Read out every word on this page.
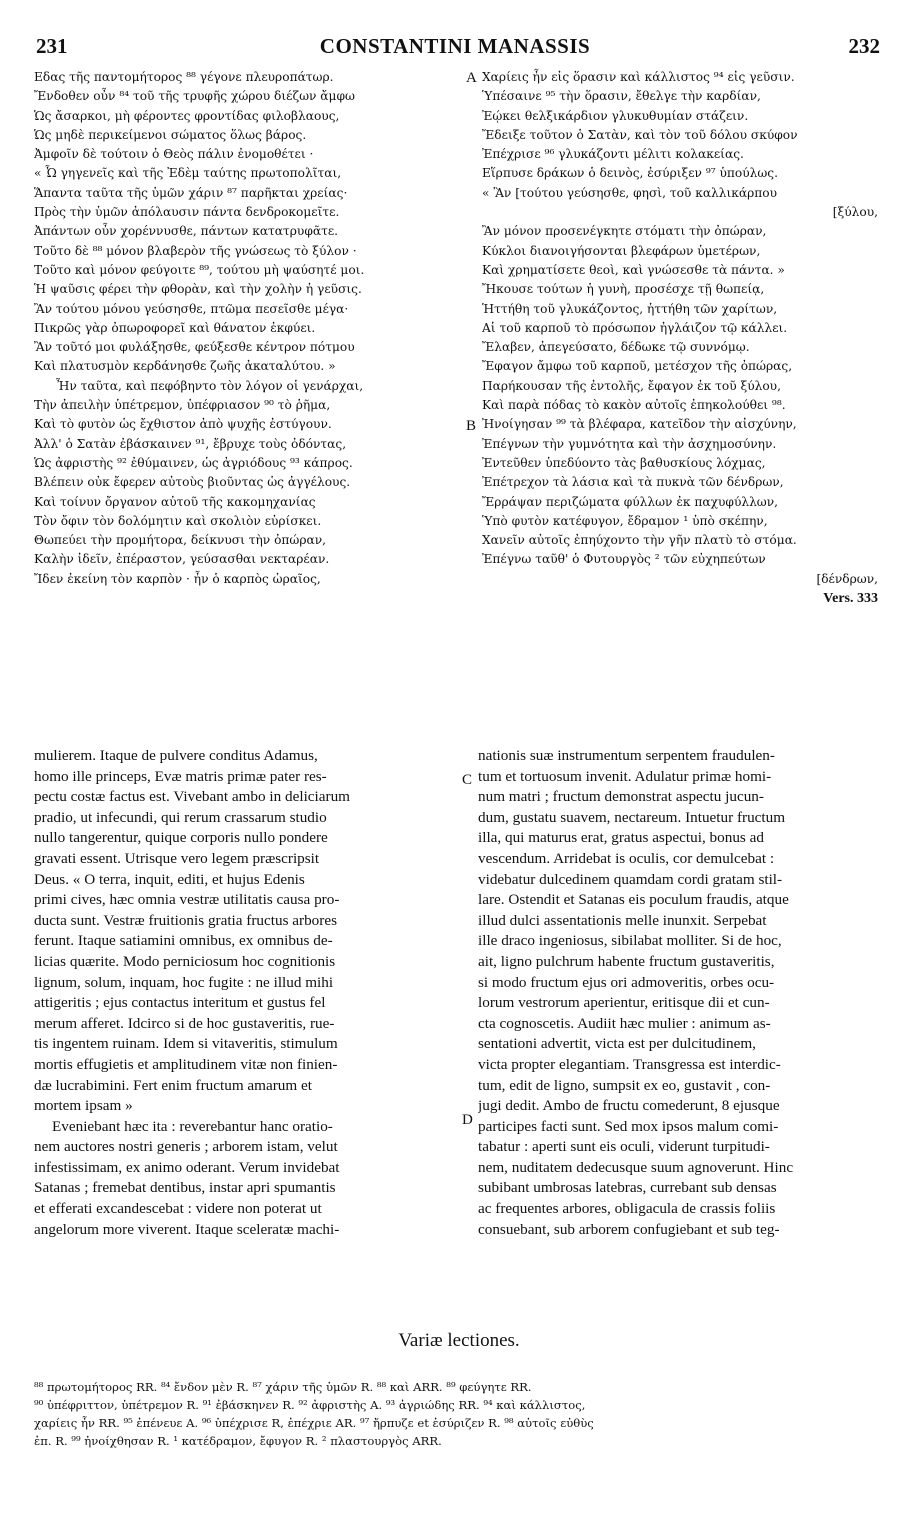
231	CONSTANTINI MANASSIS	232
Εδας τῆς παντομήτορος ⁸⁸ γέγονε πλευροπάτωρ.
Ἔνδοθεν οὖν ⁸⁴ τοῦ τῆς τρυφῆς χώρου διέζων ἄμφω
Ὡς ἄσαρκοι, μὴ φέροντες φροντίδας φιλοβλαους,
Ὡς μηδὲ περικείμενοι σώματος ὅλως βάρος.
Ἀμφοῖν δὲ τούτοιν ὁ Θεὸς πάλιν ἐνομοθέτει ·
« Ὦ γηγενεῖς καὶ τῆς Ἐδὲμ ταύτης πρωτοπολῖται,
Ἅπαντα ταῦτα τῆς ὑμῶν χάριν ⁸⁷ παρῆκται χρείας·
Πρὸς τὴν ὑμῶν ἀπόλαυσιν πάντα δενδροκομεῖτε.
Ἀπάντων οὖν χορέννυσθε, πάντων κατατρυφᾶτε.
Τοῦτο δὲ ⁸⁸ μόνον βλαβερὸν τῆς γνώσεως τὸ ξύλον ·
Τοῦτο καὶ μόνον φεύγοιτε ⁸⁹, τούτου μὴ ψαύσητέ μοι.
Ἡ ψαῦσις φέρει τὴν φθορὰν, καὶ τὴν χολὴν ἡ γεῦσις.
Ἂν τούτου μόνου γεύσησθε, πτῶμα πεσεῖσθε μέγα·
Πικρῶς γὰρ ὀπωροφορεῖ καὶ θάνατον ἐκφύει.
Ἂν τοῦτό μοι φυλάξησθε, φεύξεσθε κέντρον πότμου
Καὶ πλατυσμὸν κερδάνησθε ζωῆς ἀκαταλύτου. »
Ἦν ταῦτα, καὶ πεφόβηντο τὸν λόγον οἱ γενάρχαι,
Τὴν ἀπειλὴν ὑπέτρεμον, ὑπέφριασον ⁹⁰ τὸ ῥῆμα,
Καὶ τὸ φυτὸν ὡς ἔχθιστον ἀπὸ ψυχῆς ἐστύγουν.
Ἀλλ' ὁ Σατὰν ἐβάσκαινεν ⁹¹, ἔβρυχε τοὺς ὀδόντας,
Ὡς ἀφριστὴς ⁹² ἐθύμαινεν, ὡς ἀγριόδους ⁹³ κάπρος.
Βλέπειν οὐκ ἔφερεν αὐτοὺς βιοῦντας ὡς ἀγγέλους.
Καὶ τοίνυν ὄργανον αὐτοῦ τῆς κακομηχανίας
Τὸν ὄφιν τὸν δολόμητιν καὶ σκολιὸν εὑρίσκει.
Θωπεύει τὴν προμήτορα, δείκνυσι τὴν ὀπώραν,
Καλὴν ἰδεῖν, ἐπέραστον, γεύσασθαι νεκταρέαν.
Ἴδεν ἐκείνη τὸν καρπὸν · ἦν ὁ καρπὸς ὡραῖος,
Χαρίεις ἦν εἰς ὅρασιν καὶ κάλλιστος ⁹⁴ εἰς γεῦσιν.
Ὑπέσαινε ⁹⁵ τὴν ὅρασιν, ἔθελγε τὴν καρδίαν,
Ἐῴκει θελξικάρδιον γλυκυθυμίαν στάζειν.
Ἔδειξε τοῦτον ὁ Σατὰν, καὶ τὸν τοῦ δόλου σκύφον
Ἐπέχρισε ⁹⁶ γλυκάζοντι μέλιτι κολακείας.
Εἵρπυσε δράκων ὁ δεινὸς, ἐσύριξεν ⁹⁷ ὑπούλως.
« Ἂν [τούτου γεύσησθε, φησὶ, τοῦ καλλικάρπου
[ξύλου,
Ἂν μόνον προσενέγκητε στόματι τὴν ὀπώραν,
Κύκλοι διανοιγήσονται βλεφάρων ὑμετέρων,
Καὶ χρηματίσετε θεοὶ, καὶ γνώσεσθε τὰ πάντα. »
Ἤκουσε τούτων ἡ γυνὴ, προσέσχε τῇ θωπείᾳ,
Ἡττήθη τοῦ γλυκάζοντος, ἡττήθη τῶν χαρίτων,
Αἱ τοῦ καρποῦ τὸ πρόσωπον ἠγλάιζον τῷ κάλλει.
Ἔλαβεν, ἀπεγεύσατο, δέδωκε τῷ συννόμῳ.
Ἔφαγον ἄμφω τοῦ καρποῦ, μετέσχον τῆς ὀπώρας,
Παρήκουσαν τῆς ἐντολῆς, ἔφαγον ἐκ τοῦ ξύλου,
Καὶ παρὰ πόδας τὸ κακὸν αὐτοῖς ἐπηκολούθει ⁹⁸.
Ἠνοίγησαν ⁹⁹ τὰ βλέφαρα, κατεῖδον τὴν αἰσχύνην,
Ἐπέγνων τὴν γυμνότητα καὶ τὴν ἀσχημοσύνην.
Ἐντεῦθεν ὑπεδύοντο τὰς βαθυσκίους λόχμας,
Ἐπέτρεχον τὰ λάσια καὶ τὰ πυκνὰ τῶν δένδρων,
Ἔρράψαν περιζώματα φύλλων ἐκ παχυφύλλων,
Ὑπὸ φυτὸν κατέφυγον, ἔδραμον ¹ ὑπὸ σκέπην,
Χανεῖν αὐτοῖς ἐπηύχοντο τὴν γῆν πλατὺ τὸ στόμα.
Ἐπέγνω ταῦθ' ὁ Φυτουργὸς ² τῶν εὐχηπεύτων
[δένδρων,
Vers. 333
A
B
C
D
mulierem. Itaque de pulvere conditus Adamus,
homo ille princeps, Evæ matris primæ pater res-
pectu costæ factus est. Vivebant ambo in deliciarum
pradio, ut infecundi, qui rerum crassarum studio
nullo tangerentur, quique corporis nullo pondere
gravati essent. Utrisque vero legem præscripsit
Deus. « O terra, inquit, editi, et hujus Edenis
primi cives, hæc omnia vestræ utilitatis causa pro-
ducta sunt. Vestræ fruitionis gratia fructus arbores
ferunt. Itaque satiamini omnibus, ex omnibus de-
licias quærite. Modo perniciosum hoc cognitionis
lignum, solum, inquam, hoc fugite : ne illud mihi
attigeritis ; ejus contactus interitum et gustus fel
merum afferet. Idcirco si de hoc gustaveritis, rue-
tis ingentem ruinam. Idem si vitaveritis, stimulum
mortis effugietis et amplitudinem vitæ non finien-
dæ lucrabimini. Fert enim fructum amarum et
mortem ipsam »
Eveniebant hæc ita : reverebantur hanc oratio-
nem auctores nostri generis ; arborem istam, velut
infestissimam, ex animo oderant. Verum invidebat
Satanas ; fremebat dentibus, instar apri spumantis
et efferati excandescebat : videre non poterat ut
angelorum more viverent. Itaque sceleratæ machi-
nationis suæ instrumentum serpentem fraudulen-
tum et tortuosum invenit. Adulatur primæ homi-
num matri ; fructum demonstrat aspectu jucun-
dum, gustatu suavem, nectareum. Intuetur fructum
illa, qui maturus erat, gratus aspectui, bonus ad
vescendum. Arridebat is oculis, cor demulcebat :
videbatur dulcedinem quamdam cordi gratam stil-
lare. Ostendit et Satanas eis poculum fraudis, atque
illud dulci assentationis melle inunxit. Serpebat
ille draco ingeniosus, sibilabat molliter. Si de hoc,
ait, ligno pulchrum habente fructum gustaveritis,
si modo fructum ejus ori admoveritis, orbes ocu-
lorum vestrorum aperientur, eritisque dii et cun-
cta cognoscetis. Audiit hæc mulier : animum as-
sentationi advertit, victa est per dulcitudinem,
victa propter elegantiam. Transgressa est interdic-
tum, edit de ligno, sumpsit ex eo, gustavit , con-
jugi dedit. Ambo de fructu comederunt, 8 ejusque
participes facti sunt. Sed mox ipsos malum comi-
tabatur : aperti sunt eis oculi, viderunt turpitudi-
nem, nuditatem dedecusque suum agnoverunt. Hinc
subibant umbrosas latebras, currebant sub densas
ac frequentes arbores, obligacula de crassis foliis
consuebant, sub arborem confugiebant et sub teg-
Variæ lectiones.
⁸⁸ πρωτομήτορος RR. ⁸⁴ ἔνδον μὲν R. ⁸⁷ χάριν τῆς ὑμῶν R. ⁸⁸ καὶ ARR. ⁸⁹ φεύγητε RR.
⁹⁰ ὑπέφριττον, ὑπέτρεμον R. ⁹¹ ἐβάσκηνεν R. ⁹² ἀφριστὴς A. ⁹³ ἀγριώδης RR. ⁹⁴ καὶ κάλλιστος,
χαρίεις ἦν RR. ⁹⁵ ἐπένευε A. ⁹⁶ ὑπέχρισε R, ἐπέχριε AR. ⁹⁷ ἤρπυζε et ἐσύριζεν R. ⁹⁸ αὐτοῖς εὐθὺς
ἐπ. R. ⁹⁹ ἠνοίχθησαν R. ¹ κατέδραμον, ἔφυγον R. ² πλαστουργὸς ARR.
